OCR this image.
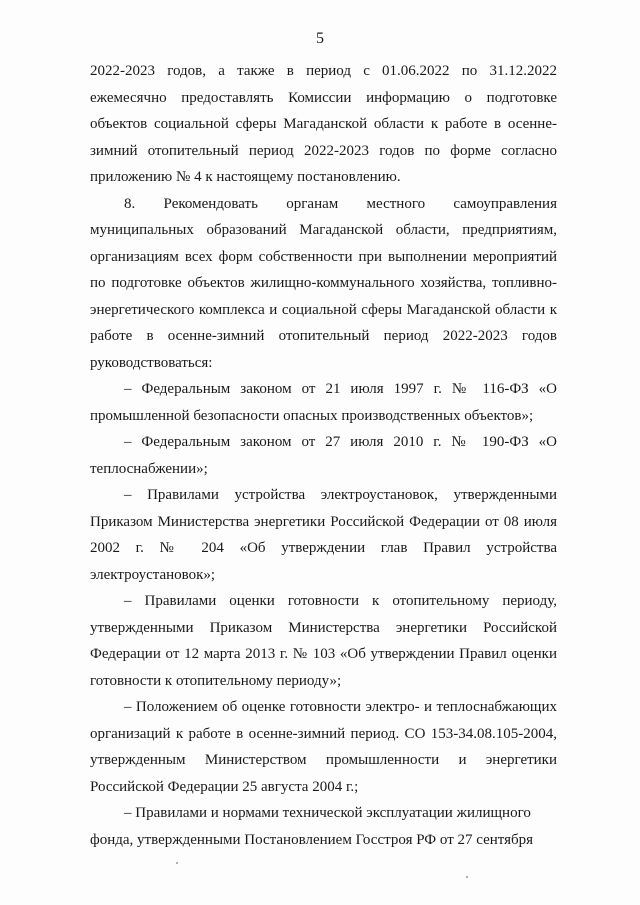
5

2022-2023 годов, а также в период с 01.06.2022 по 31.12.2022 ежемесячно предоставлять Комиссии информацию о подготовке объектов социальной сферы Магаданской области к работе в осенне-зимний отопительный период 2022-2023 годов по форме согласно приложению № 4 к настоящему постановлению.

8. Рекомендовать органам местного самоуправления муниципальных образований Магаданской области, предприятиям, организациям всех форм собственности при выполнении мероприятий по подготовке объектов жилищно-коммунального хозяйства, топливно-энергетического комплекса и социальной сферы Магаданской области к работе в осенне-зимний отопительный период 2022-2023 годов руководствоваться:

– Федеральным законом от 21 июля 1997 г. № 116-ФЗ «О промышленной безопасности опасных производственных объектов»;

– Федеральным законом от 27 июля 2010 г. № 190-ФЗ «О теплоснабжении»;

– Правилами устройства электроустановок, утвержденными Приказом Министерства энергетики Российской Федерации от 08 июля 2002 г. № 204 «Об утверждении глав Правил устройства электроустановок»;

– Правилами оценки готовности к отопительному периоду, утвержденными Приказом Министерства энергетики Российской Федерации от 12 марта 2013 г. № 103 «Об утверждении Правил оценки готовности к отопительному периоду»;

– Положением об оценке готовности электро- и теплоснабжающих организаций к работе в осенне-зимний период. СО 153-34.08.105-2004, утвержденным Министерством промышленности и энергетики Российской Федерации 25 августа 2004 г.;

– Правилами и нормами технической эксплуатации жилищного фонда, утвержденными Постановлением Госстроя РФ от 27 сентября
